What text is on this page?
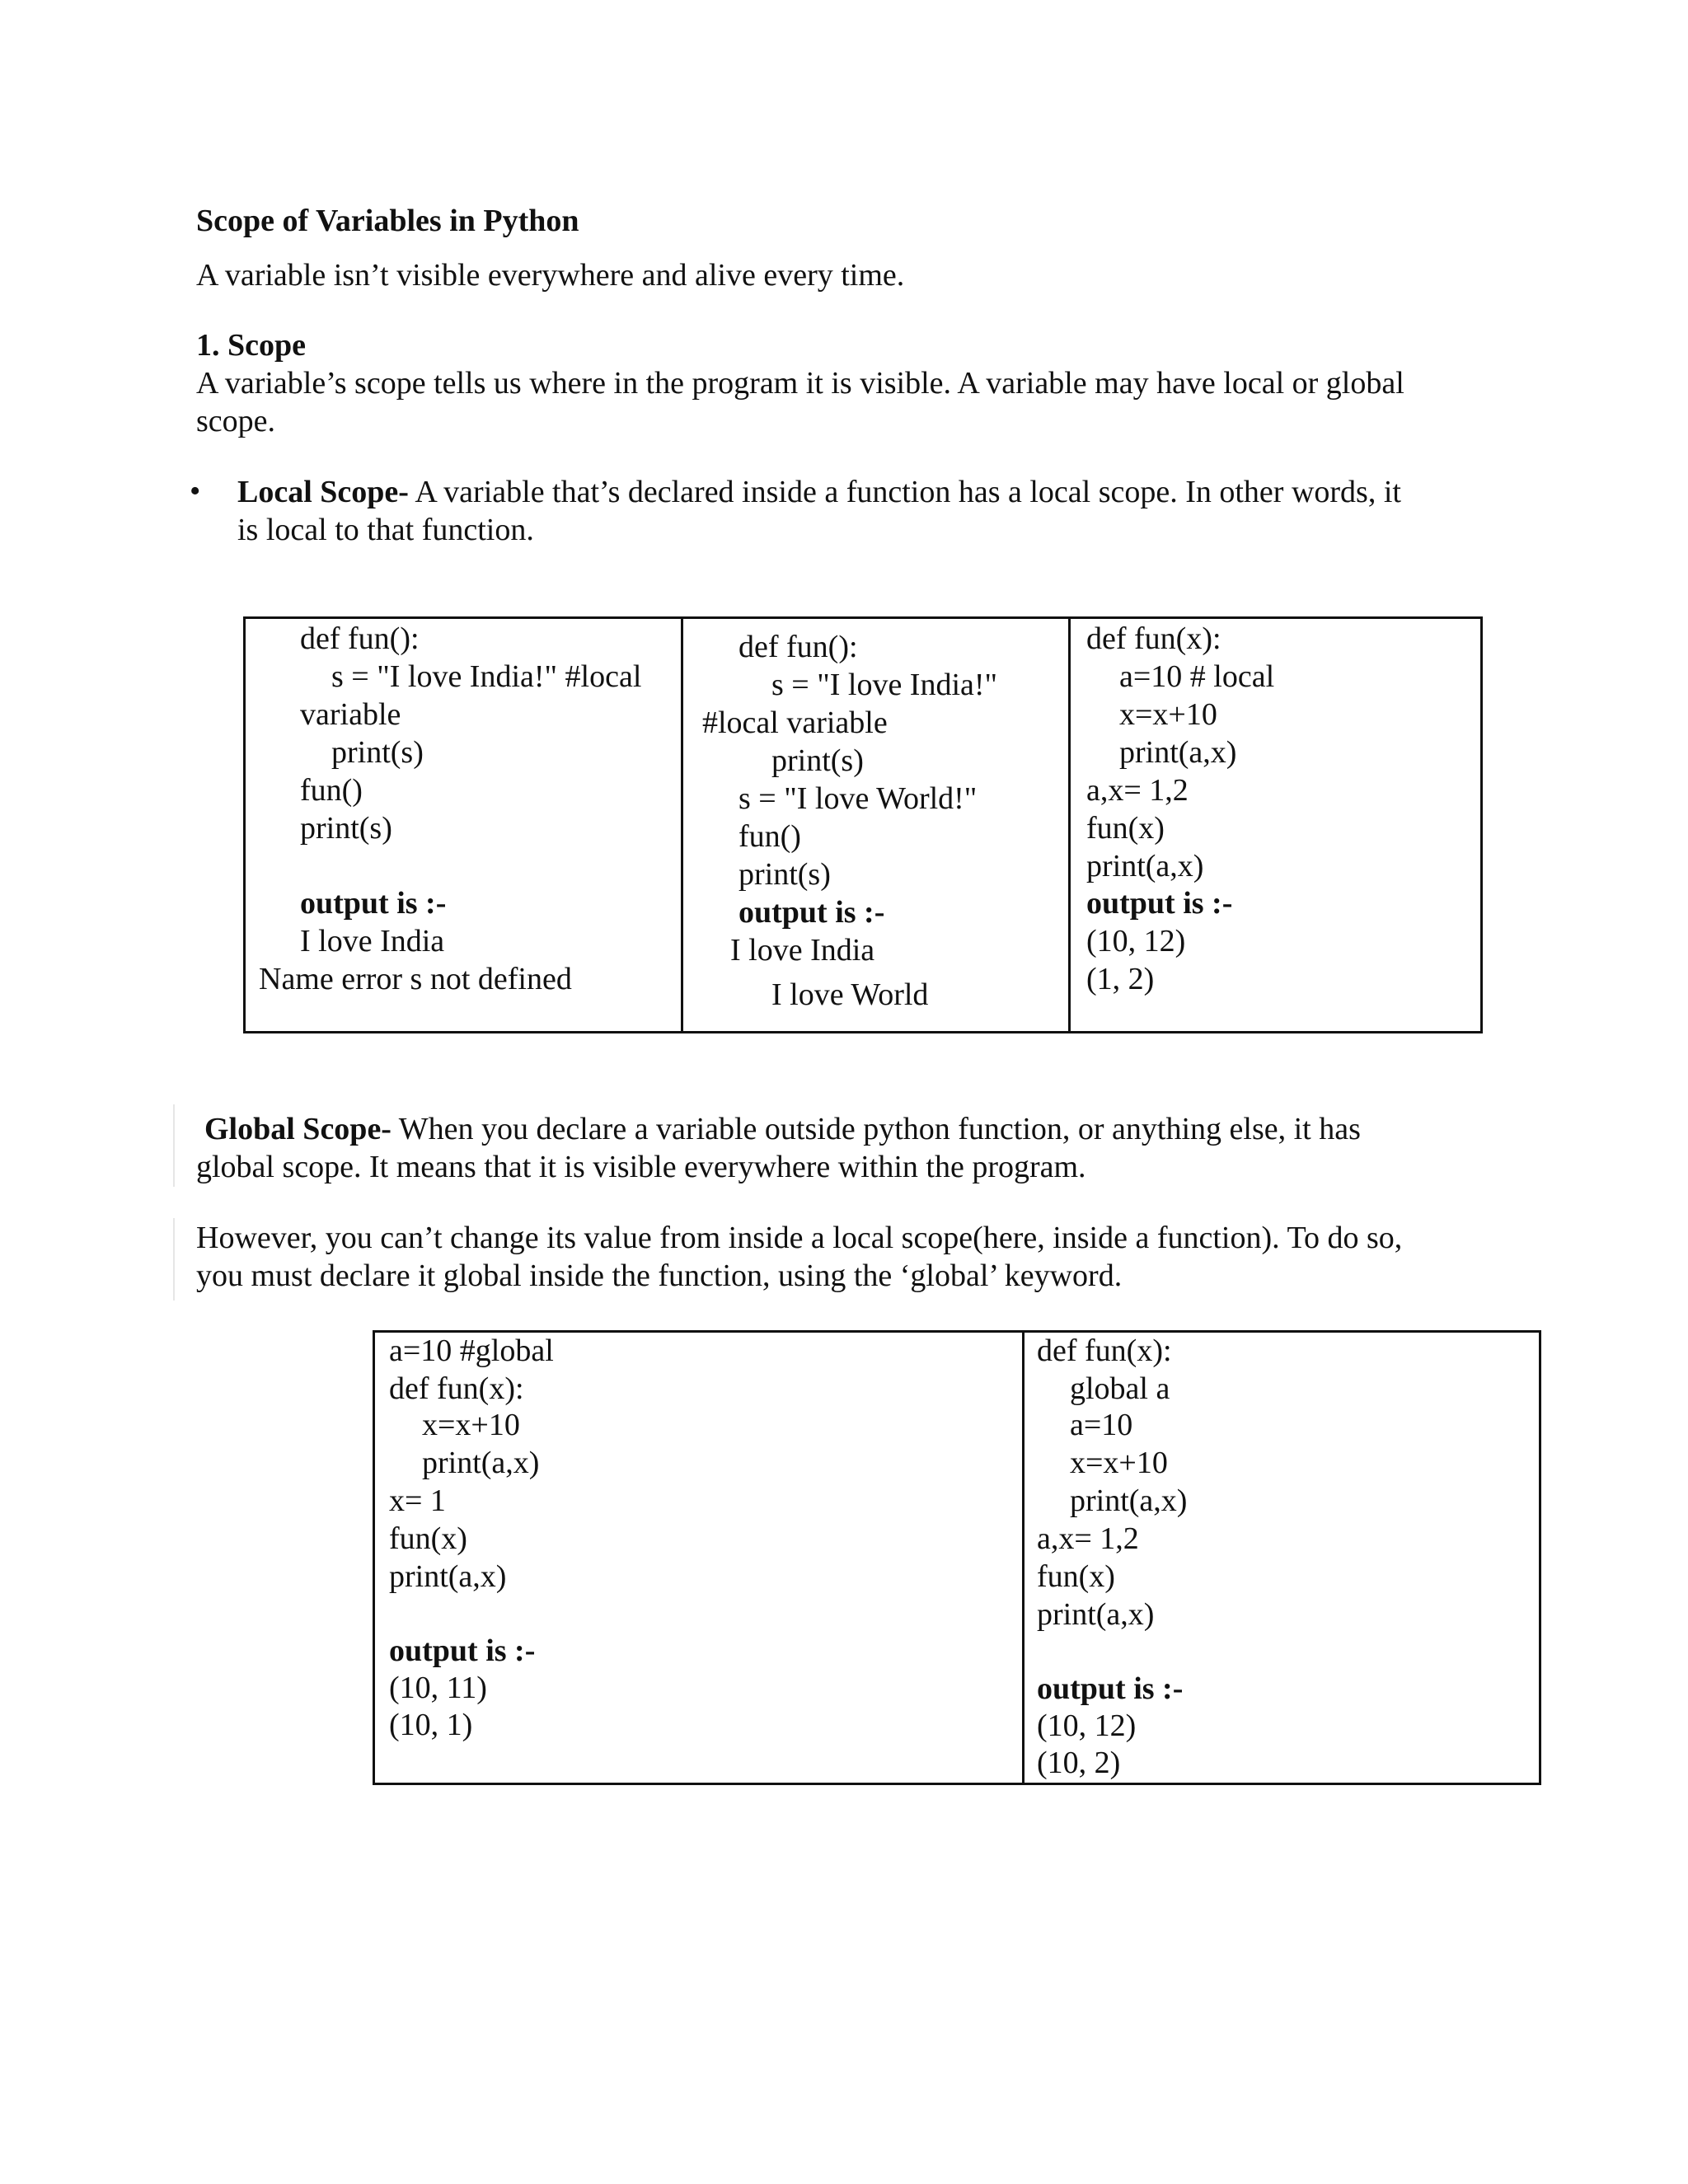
Scope of Variables in Python
A variable isn’t visible everywhere and alive every time.
1. Scope
A variable’s scope tells us where in the program it is visible. A variable may have local or global
scope.
• Local Scope- A variable that’s declared inside a function has a local scope. In other words, it
is local to that function.
def fun():
s = "I love India!" #local
variable
print(s)
fun()
print(s)
output is :-
I love India
Name error s not defined
def fun():
s = "I love India!"
#local variable
print(s)
s = "I love World!"
fun()
print(s)
output is :-
I love India
I love World
def fun(x):
a=10 # local
x=x+10
print(a,x)
a,x= 1,2
fun(x)
print(a,x)
output is :-
(10, 12)
(1, 2)
Global Scope- When you declare a variable outside python function, or anything else, it has
global scope. It means that it is visible everywhere within the program.
However, you can’t change its value from inside a local scope(here, inside a function). To do so,
you must declare it global inside the function, using the ‘global’ keyword.
a=10 #global
def fun(x):
x=x+10
print(a,x)
x= 1
fun(x)
print(a,x)
output is :-
(10, 11)
(10, 1)
def fun(x):
global a
a=10
x=x+10
print(a,x)
a,x= 1,2
fun(x)
print(a,x)
output is :-
(10, 12)
(10, 2)
